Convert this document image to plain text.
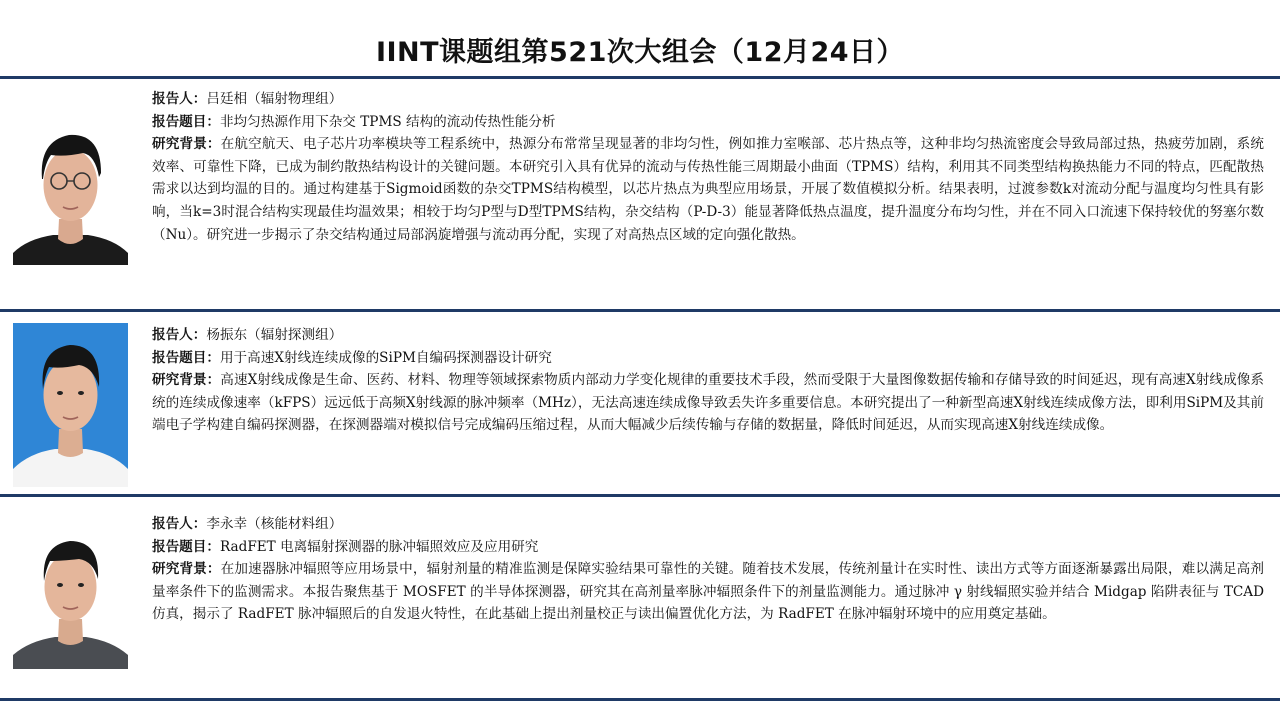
IINT课题组第521次大组会（12月24日）
报告人：吕廷相（辐射物理组）
报告题目：非均匀热源作用下杂交 TPMS 结构的流动传热性能分析

研究背景：在航空航天、电子芯片功率模块等工程系统中，热源分布常常呈现显著的非均匀性，例如推力室喉部、芯片热点等，这种非均匀热流密度会导致局部过热，热疲劳加剧，系统效率、可靠性下降，已成为制约散热结构设计的关键问题。本研究引入具有优异的流动与传热性能三周期最小曲面（TPMS）结构，利用其不同类型结构换热能力不同的特点，匹配散热需求以达到均温的目的。通过构建基于Sigmoid函数的杂交TPMS结构模型，以芯片热点为典型应用场景，开展了数值模拟分析。结果表明，过渡参数k对流动分配与温度均匀性具有影响，当k=3时混合结构实现最佳均温效果；相较于均匀P型与D型TPMS结构，杂交结构（P-D-3）能显著降低热点温度，提升温度分布均匀性，并在不同入口流速下保持较优的努塞尔数（Nu）。研究进一步揭示了杂交结构通过局部涡旋增强与流动再分配，实现了对高热点区域的定向强化散热。

报告人：杨振东（辐射探测组）
报告题目：用于高速X射线连续成像的SiPM自编码探测器设计研究

研究背景：高速X射线成像是生命、医药、材料、物理等领域探索物质内部动力学变化规律的重要技术手段，然而受限于大量图像数据传输和存储导致的时间延迟，现有高速X射线成像系统的连续成像速率（kFPS）远远低于高频X射线源的脉冲频率（MHz），无法高速连续成像导致丢失许多重要信息。本研究提出了一种新型高速X射线连续成像方法，即利用SiPM及其前端电子学构建自编码探测器，在探测器端对模拟信号完成编码压缩过程，从而大幅减少后续传输与存储的数据量，降低时间延迟，从而实现高速X射线连续成像。

报告人：李永幸（核能材料组）
报告题目：RadFET 电离辐射探测器的脉冲辐照效应及应用研究

研究背景：在加速器脉冲辐照等应用场景中，辐射剂量的精准监测是保障实验结果可靠性的关键。随着技术发展，传统剂量计在实时性、读出方式等方面逐渐暴露出局限，难以满足高剂量率条件下的监测需求。本报告聚焦基于 MOSFET 的半导体探测器，研究其在高剂量率脉冲辐照条件下的剂量监测能力。通过脉冲 γ 射线辐照实验并结合 Midgap 陷阱表征与 TCAD 仿真，揭示了 RadFET 脉冲辐照后的自发退火特性，在此基础上提出剂量校正与读出偏置优化方法，为 RadFET 在脉冲辐射环境中的应用奠定基础。
